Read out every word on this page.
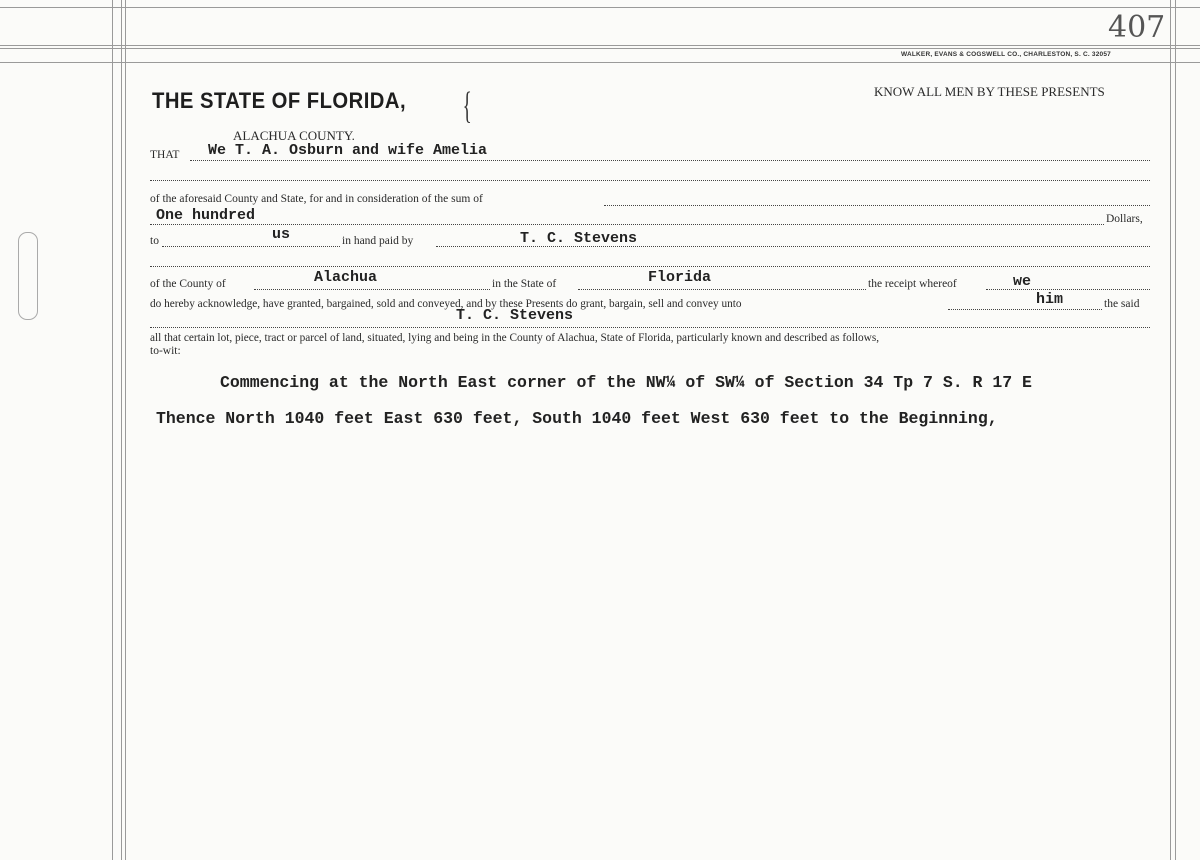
407
WALKER, EVANS & COGSWELL CO., CHARLESTON, S. C. 32057
THE STATE OF FLORIDA, {	KNOW ALL MEN BY THESE PRESENTS
ALACHUA COUNTY.
THAT We T. A. Osburn and wife Amelia
of the aforesaid County and State, for and in consideration of the sum of
One hundred	Dollars,
to	us	in hand paid by	T. C. Stevens
of the County of	Alachua	in the State of	Florida	the receipt whereof	we
do hereby acknowledge, have granted, bargained, sold and conveyed, and by these Presents do grant, bargain, sell and convey unto	him	the said
T. C. Stevens
all that certain lot, piece, tract or parcel of land, situated, lying and being in the County of Alachua, State of Florida, particularly known and described as follows,
to-wit:
Commencing at the North East corner of the NW¼ of SW¼ of Section 34 Tp 7 S. R 17 E
Thence North 1040 feet East 630 feet, South 1040 feet West 630 feet to the Beginning,
